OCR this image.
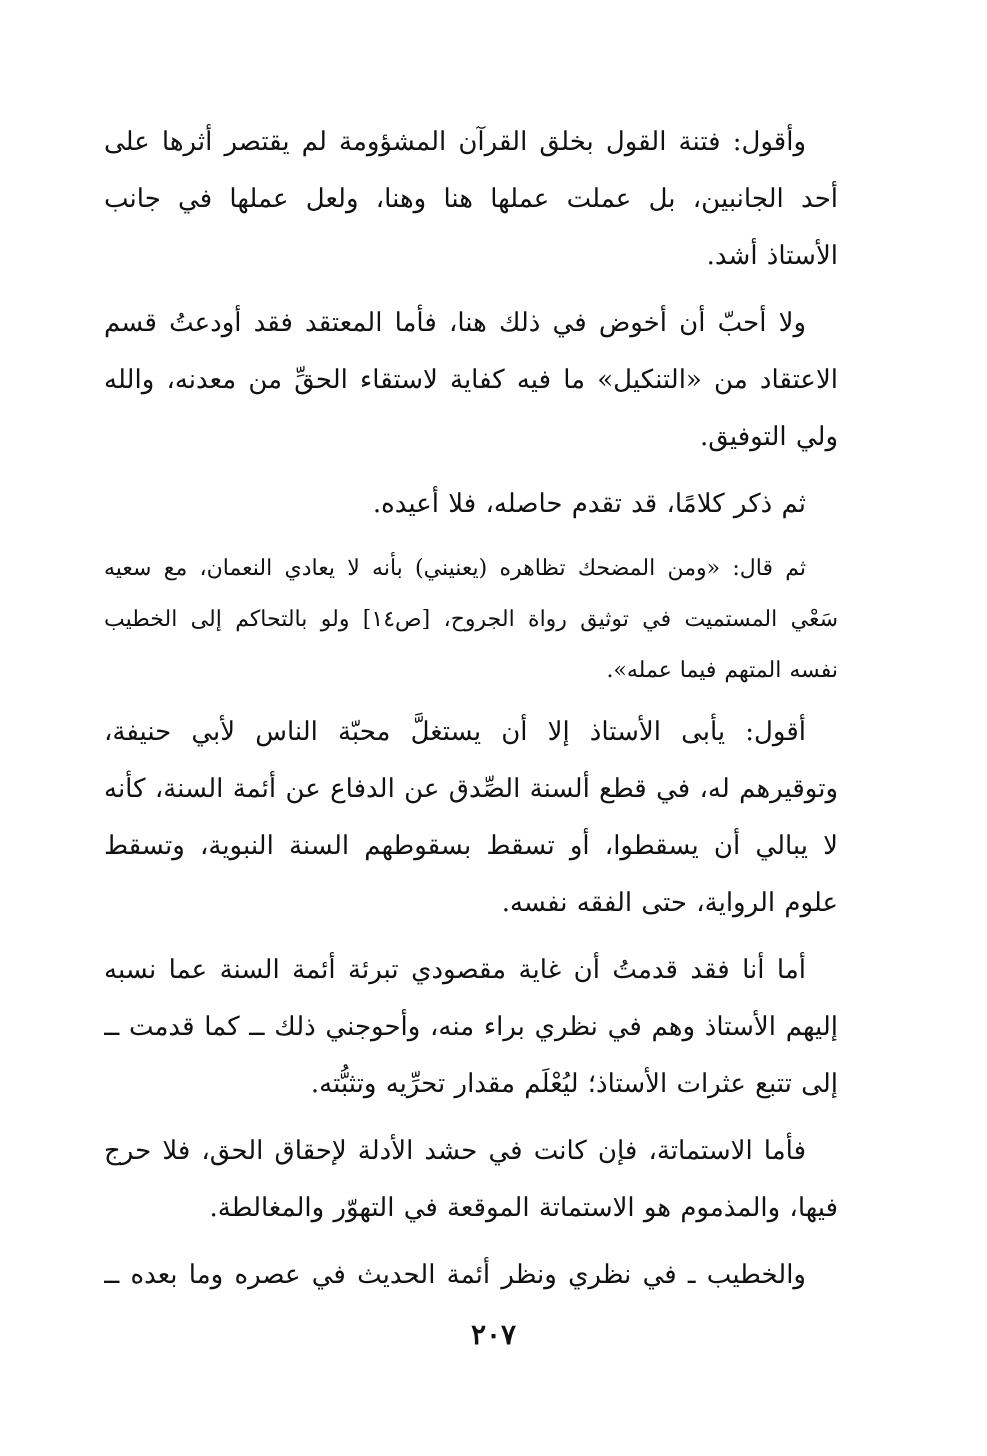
وأقول: فتنة القول بخلق القرآن المشؤومة لم يقتصر أثرها على أحد الجانبين، بل عملت عملها هنا وهنا، ولعل عملها في جانب الأستاذ أشد.

ولا أحبّ أن أخوض في ذلك هنا، فأما المعتقد فقد أودعتُ قسم الاعتقاد من «التنكيل» ما فيه كفاية لاستقاء الحقِّ من معدنه، والله ولي التوفيق.

ثم ذكر كلامًا، قد تقدم حاصله، فلا أعيده.

ثم قال: «ومن المضحك تظاهره (يعنيني) بأنه لا يعادي النعمان، مع سعيه سَعْي المستميت في توثيق رواة الجروح، [ص١٤] ولو بالتحاكم إلى الخطيب نفسه المتهم فيما عمله».

أقول: يأبى الأستاذ إلا أن يستغلَّ محبّة الناس لأبي حنيفة، وتوقيرهم له، في قطع ألسنة الصِّدق عن الدفاع عن أئمة السنة، كأنه لا يبالي أن يسقطوا، أو تسقط بسقوطهم السنة النبوية، وتسقط علوم الرواية، حتى الفقه نفسه.

أما أنا فقد قدمتُ أن غاية مقصودي تبرئة أئمة السنة عما نسبه إليهم الأستاذ وهم في نظري براء منه، وأحوجني ذلك ــ كما قدمت ــ إلى تتبع عثرات الأستاذ؛ ليُعْلَم مقدار تحرِّيه وتثبُّته.

فأما الاستماتة، فإن كانت في حشد الأدلة لإحقاق الحق، فلا حرج فيها، والمذموم هو الاستماتة الموقعة في التهوّر والمغالطة.

والخطيب ـ في نظري ونظر أئمة الحديث في عصره وما بعده ــ

٢٠٧
